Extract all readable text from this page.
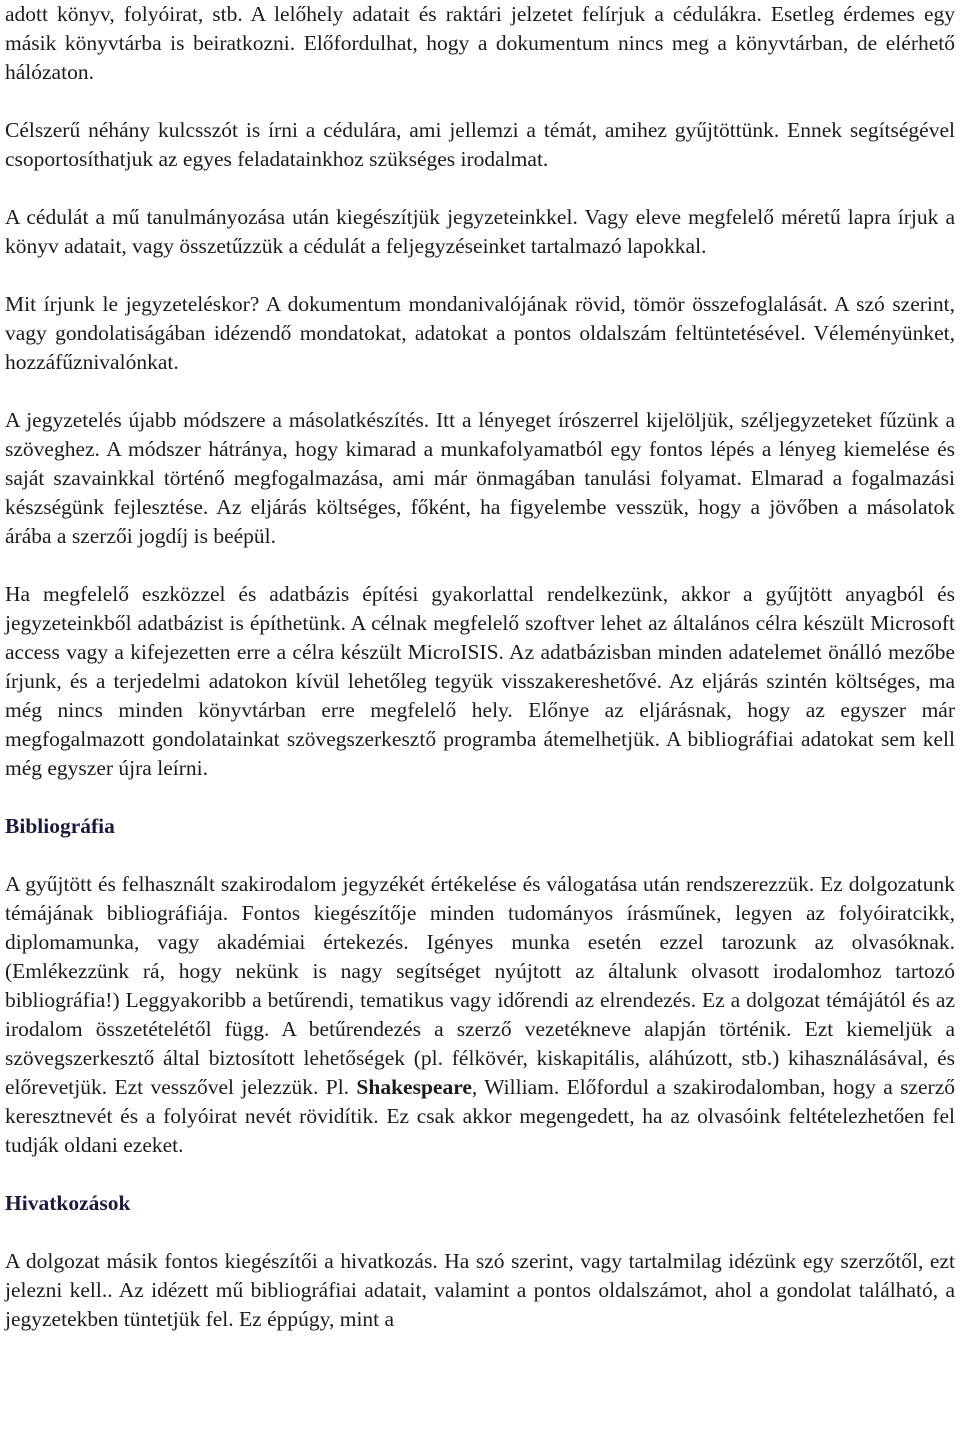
adott könyv, folyóirat, stb. A lelőhely adatait és raktári jelzetet felírjuk a cédulákra. Esetleg érdemes egy másik könyvtárba is beiratkozni. Előfordulhat, hogy a dokumentum nincs meg a könyvtárban, de elérhető hálózaton.

Célszerű néhány kulcsszót is írni a cédulára, ami jellemzi a témát, amihez gyűjtöttünk. Ennek segítségével csoportosíthatjuk az egyes feladatainkhoz szükséges irodalmat.

A cédulát a mű tanulmányozása után kiegészítjük jegyzeteinkkel. Vagy eleve megfelelő méretű lapra írjuk a könyv adatait, vagy összetűzzük a cédulát a feljegyzéseinket tartalmazó lapokkal.

Mit írjunk le jegyzeteléskor? A dokumentum mondanivalójának rövid, tömör összefoglalását. A szó szerint, vagy gondolatiságában idézendő mondatokat, adatokat a pontos oldalszám feltüntetésével. Véleményünket, hozzáfűznivalónkat.

A jegyzetelés újabb módszere a másolatkészítés. Itt a lényeget írószerrel kijelöljük, széljegyzeteket fűzünk a szöveghez. A módszer hátránya, hogy kimarad a munkafolyamatból egy fontos lépés a lényeg kiemelése és saját szavainkkal történő megfogalmazása, ami már önmagában tanulási folyamat. Elmarad a fogalmazási készségünk fejlesztése. Az eljárás költséges, főként, ha figyelembe vesszük, hogy a jövőben a másolatok árába a szerzői jogdíj is beépül.

Ha megfelelő eszközzel és adatbázis építési gyakorlattal rendelkezünk, akkor a gyűjtött anyagból és jegyzeteinkből adatbázist is építhetünk. A célnak megfelelő szoftver lehet az általános célra készült Microsoft access vagy a kifejezetten erre a célra készült MicroISIS. Az adatbázisban minden adatelemet önálló mezőbe írjunk, és a terjedelmi adatokon kívül lehetőleg tegyük visszakereshetővé. Az eljárás szintén költséges, ma még nincs minden könyvtárban erre megfelelő hely. Előnye az eljárásnak, hogy az egyszer már megfogalmazott gondolatainkat szövegszerkesztő programba átemelhetjük. A bibliográfiai adatokat sem kell még egyszer újra leírni.

Bibliográfia

A gyűjtött és felhasznált szakirodalom jegyzékét értékelése és válogatása után rendszerezzük. Ez dolgozatunk témájának bibliográfiája. Fontos kiegészítője minden tudományos írásműnek, legyen az folyóiratcikk, diplomamunka, vagy akadémiai értekezés. Igényes munka esetén ezzel tarozunk az olvasóknak. (Emlékezzünk rá, hogy nekünk is nagy segítséget nyújtott az általunk olvasott irodalomhoz tartozó bibliográfia!) Leggyakoribb a betűrendi, tematikus vagy időrendi az elrendezés. Ez a dolgozat témájától és az irodalom összetételétől függ. A betűrendezés a szerző vezetékneve alapján történik. Ezt kiemeljük a szövegszerkesztő által biztosított lehetőségek (pl. félkövér, kiskapitális, aláhúzott, stb.) kihasználásával, és előrevetjük. Ezt vesszővel jelezzük. Pl. Shakespeare, William. Előfordul a szakirodalomban, hogy a szerző keresztnevét és a folyóirat nevét rövidítik. Ez csak akkor megengedett, ha az olvasóink feltételezhetően fel tudják oldani ezeket.

Hivatkozások

A dolgozat másik fontos kiegészítői a hivatkozás. Ha szó szerint, vagy tartalmilag idézünk egy szerzőtől, ezt jelezni kell.. Az idézett mű bibliográfiai adatait, valamint a pontos oldalszámot, ahol a gondolat található, a jegyzetekben tüntetjük fel. Ez éppúgy, mint a
